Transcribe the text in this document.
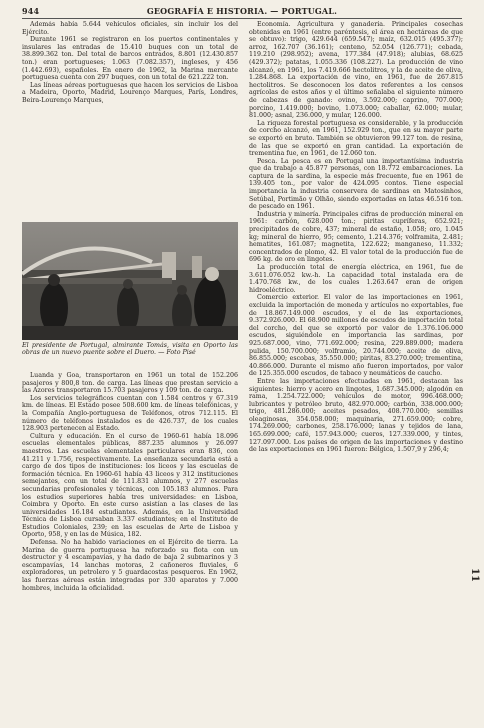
944	GEOGRAFÍA E HISTORIA. — PORTUGAL.

Además había 5.644 vehículos oficiales, sin incluir los del Ejército.

Durante 1961 se registraron en los puertos continentales y insulares las entradas de 15.410 buques con un total de 38.899.362 ton. Del total de barcos entrados, 8.801 (12.430.857 ton.) eran portugueses; 1.063 (7.082.357), ingleses, y 456 (1.442.693), españoles. En enero de 1962, la Marina mercante portuguesa cuenta con 297 buques, con un total de 621.222 ton.

Las líneas aéreas portuguesas que hacen los servicios de Lisboa a Madeira, Oporto, Madrid, Lourenço Marques, París, Londres, Beira-Lourenço Marques,

El presidente de Portugal, almirante Tomás, visita en Oporto las obras de un nuevo puente sobre el Duero. — Foto Pisé

Luanda y Goa, transportaron en 1961 un total de 152.206 pasajeros y 800,8 ton. de carga. Las líneas que prestan servicio a las Azores transportaron 15.703 pasajeros y 109 ton. de carga.

Los servicios telegráficos cuentan con 1.584 centros y 67.319 km. de líneas. El Estado posee 508.600 km. de líneas telefónicas, y la Compañía Anglo-portuguesa de Teléfonos, otros 712.115. El número de teléfonos instalados es de 426.737, de los cuales 128.903 pertenecen al Estado.

Cultura y educación. En el curso de 1960-61 había 18.096 escuelas elementales públicas, 887.235 alumnos y 26.097 maestros. Las escuelas elementales particulares eran 836, con 41.211 y 1.756, respectivamente. La enseñanza secundaria está a cargo de dos tipos de instituciones: los liceos y las escuelas de formación técnica. En 1960-61 había 43 liceos y 312 instituciones semejantes, con un total de 111.831 alumnos, y 277 escuelas secundarias profesionales y técnicas, con 105.183 alumnos. Para los estudios superiores había tres universidades: en Lisboa, Coimbra y Oporto. En este curso asistían a las clases de las universidades 16.184 estudiantes. Además, en la Universidad Técnica de Lisboa cursaban 3.337 estudiantes; en el Instituto de Estudios Coloniales, 239; en las escuelas de Arte de Lisboa y Oporto, 958, y en las de Música, 182.

Defensa. No ha habido variaciones en el Ejército de tierra. La Marina de guerra portuguesa ha reforzado su flota con un destructor y 4 escampavías, y ha dado de baja 2 submarinos y 3 escampavías, 14 lanchas motoras, 2 cañoneros fluviales, 6 exploradores, un petrolero y 5 guardacostas pesqueros. En 1962, las fuerzas aéreas están integradas por 330 aparatos y 7.000 hombres, incluida la oficialidad.

Economía. Agricultura y ganadería. Principales cosechas obtenidas en 1961 (entre paréntesis, el área en hectáreas de que se obtuvo): trigo, 429.644 (659.547); maíz, 632.015 (495.377); arroz, 162.707 (36.161); centeno, 52.054 (126.771); cebada, 119.210 (298.952); avena, 177.384 (47.918); alubias, 68.625 (429.372); patatas, 1.055.336 (108.227). La producción de vino alcanzó, en 1961, los 7.419.666 hectolitros, y la de aceite de oliva, 1.284.868. La exportación de vino, en 1961, fue de 267.815 hectolitros. Se desconocen los datos referentes a los censos agrícolas de estos años y el último señalaba el siguiente número de cabezas de ganado: ovino, 3.592.000; caprino, 707.000; porcino, 1.419.000; bovino, 1.073.000; caballar, 62.000; mular, 81.000; asnal, 236.000, y mular, 126.000.

La riqueza forestal portuguesa es considerable, y la producción de corcho alcanzó, en 1961, 152.929 ton., que en su mayor parte se exportó en bruto. También se obtuvieron 99.127 ton. de resina, de las que se exportó en gran cantidad. La exportación de trementina fue, en 1961, de 12.060 ton.

Pesca. La pesca es en Portugal una importantísima industria que da trabajo a 45.877 personas, con 18.772 embarcaciones. La captura de la sardina, la especie más frecuente, fue en 1961 de 139.405 ton., por valor de 424.095 contos. Tiene especial importancia la industria conservera de sardinas en Matosinhos, Setúbal, Portimão y Olhão, siendo exportadas en latas 46.516 ton. de pescado en 1961.

Industria y minería. Principales cifras de producción mineral en 1961: carbón, 628.000 ton.; piritas cupríferas, 652.921; precipitados de cobre, 437; mineral de estaño, 1.058; oro, 1.045 kg; mineral de hierro, 95; cemento, 1.214.376; volframita, 2.481; hematites, 161.087; magnetita, 122.622; manganeso, 11.332; concentrados de plomo, 42. El valor total de la producción fue de 696 kg. de oro en lingotes.

La producción total de energía eléctrica, en 1961, fue de 3.611.076.052 kw.-h. La capacidad total instalada era de 1.470.768 kw., de los cuales 1.263.647 eran de origen hidroeléctrico.

Comercio exterior. El valor de las importaciones en 1961, excluida la importación de moneda y artículos no exportables, fue de 18.867.149.000 escudos, y el de las exportaciones, 9.372.926.000. El 68.900 millones de escudos de importación total del corcho, del que se exportó por valor de 1.376.106.000 escudos, siguiéndole en importancia las sardinas, por 925.687.000, vino, 771.692.000; resina, 229.889.000; madera pulida, 150.700.000; volframio, 20.744.000; aceite de oliva, 86.855.000; escobas, 35.550.000; piritas, 83.270.000; trementina, 40.866.000. Durante el mismo año fueron importados, por valor de 125.355.000 escudos, de tabaco y neumáticos de caucho.

Entre las importaciones efectuadas en 1961, destacan las siguientes: hierro y acero en lingotes, 1.687.345.000; algodón en rama, 1.254.722.000; vehículos de motor, 996.468.000; lubricantes y petróleo bruto, 482.970.000; carbón, 338.000.000; trigo, 481.286.000; aceites pesados, 408.770.000; semillas oleaginosas, 354.058.000; maquinaria, 271.659.000; cobre, 174.269.000; carbones, 258.176.000; lanas y tejidos de lana, 165.699.000; café, 157.943.000; cueros, 127.339.000, y tintes, 127.097.000. Los países de origen de las importaciones y destino de las exportaciones en 1961 fueron: Bélgica, 1.507,9 y 296,4;

11
